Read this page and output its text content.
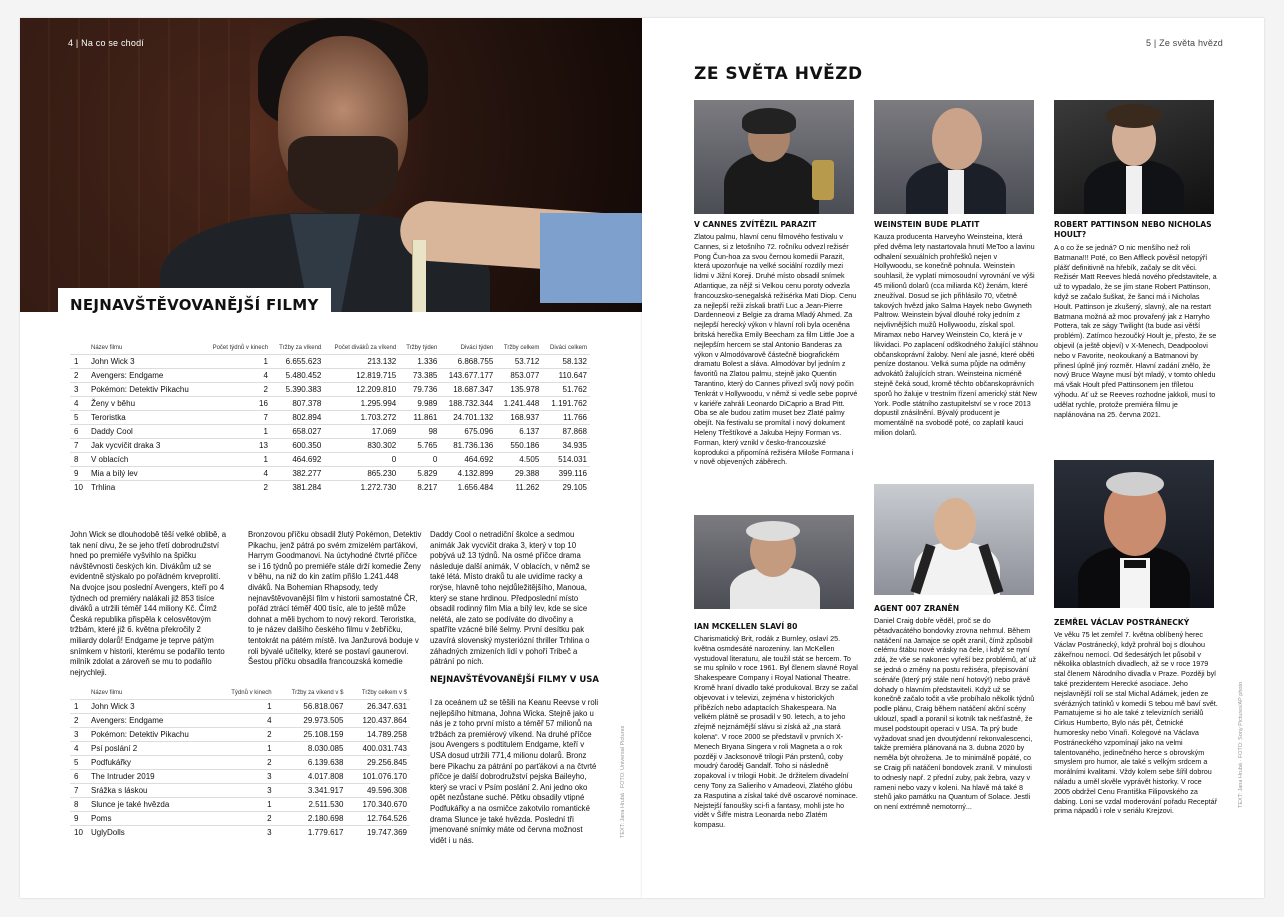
4 | Na co se chodí
NEJNAVŠTĚVOVANĚJŠÍ FILMY
	Název filmu	Počet týdnů v kinech	Tržby za víkend	Počet diváků za víkend	Tržby týden	Diváci týden	Tržby celkem	Diváci celkem
1	John Wick 3	1	6.655.623	213.132	1.336	6.868.755	53.712	58.132
2	Avengers: Endgame	4	5.480.452	12.819.715	73.385	143.677.177	853.077	110.647
3	Pokémon: Detektiv Pikachu	2	5.390.383	12.209.810	79.736	18.687.347	135.978	51.762
4	Ženy v běhu	16	807.378	1.295.994	9.989	188.732.344	1.241.448	1.191.762
5	Teroristka	7	802.894	1.703.272	11.861	24.701.132	168.937	11.766
6	Daddy Cool	1	658.027	17.069	98	675.096	6.137	87.868
7	Jak vycvičit draka 3	13	600.350	830.302	5.765	81.736.136	550.186	34.935
8	V oblacích	1	464.692	0	0	464.692	4.505	514.031
9	Mia a bílý lev	4	382.277	865.230	5.829	4.132.899	29.388	399.116
10	Trhlina	2	381.284	1.272.730	8.217	1.656.484	11.262	29.105
John Wick se dlouhodobě těší velké oblibě, a tak není divu, že se jeho třetí dobrodružství hned po premiéře vyšvihlo na špičku návštěvnosti českých kin. Divákům už se evidentně stýskalo po pořádném krveprolití. Na dvojce jsou poslední Avengers, kteří po 4 týdnech od premiéry nalákali již 853 tisíce diváků a utržili téměř 144 miliony Kč. Čímž Česká republika přispěla k celosvětovým tržbám, které již 6. května překročily 2 miliardy dolarů! Endgame je teprve pátým snímkem v historii, kterému se podařilo tento milník zdolat a zároveň se mu to podařilo nejrychleji.
Bronzovou příčku obsadil žlutý Pokémon, Detektiv Pikachu, jenž pátrá po svém zmizelém parťákovi, Harrym Goodmanovi. Na úctyhodné čtvrté příčce se i 16 týdnů po premiéře stále drží komedie Ženy v běhu, na niž do kin zatím přišlo 1.241.448 diváků. Na Bohemian Rhapsody, tedy nejnavštěvovanější film v historii samostatné ČR, pořád ztrácí téměř 400 tisíc, ale to ještě může dohnat a měli bychom to nový rekord. Teroristka, to je název dalšího českého filmu v žebříčku, tentokrát na pátém místě. Iva Janžurová boduje v roli bývalé učitelky, které se postaví gaunerovi. Šestou příčku obsadila francouzská komedie
Daddy Cool o netradiční školce a sedmou animák Jak vycvičit draka 3, který v top 10 pobývá už 13 týdnů. Na osmé příčce drama následuje další animák, V oblacích, v němž se také létá. Místo draků tu ale uvidíme racky a rorýse, hlavně toho nejdůležitějšího, Manoua, který se stane hrdinou. Předposlední místo obsadil rodinný film Mia a bílý lev, kde se sice nelétá, ale zato se podíváte do divočiny a spatříte vzácné bílé šelmy. První desítku pak uzavírá slovenský mysteriózní thriller Trhlina o záhadných zmizeních lidí v pohoří Tribeč a pátrání po nich.
	Název filmu	Týdnů v kinech	Tržby za víkend v $	Tržby celkem v $
1	John Wick 3	1	56.818.067	26.347.631
2	Avengers: Endgame	4	29.973.505	120.437.864
3	Pokémon: Detektiv Pikachu	2	25.108.159	14.789.258
4	Psí poslání 2	1	8.030.085	400.031.743
5	Podfukářky	2	6.139.638	29.256.845
6	The Intruder 2019	3	4.017.808	101.076.170
7	Srážka s láskou	3	3.341.917	49.596.308
8	Slunce je také hvězda	1	2.511.530	170.340.670
9	Poms	2	2.180.698	12.764.526
10	UglyDolls	3	1.779.617	19.747.369
NEJNAVŠTĚVOVANĚJŠÍ FILMY V USA
I za oceánem už se těšili na Keanu Reevse v roli nejlepšího hitmana, Johna Wicka. Stejně jako u nás je z toho první místo a téměř 57 milionů na tržbách za premiérový víkend. Na druhé příčce jsou Avengers s podtitulem Endgame, kteří v USA dosud utržili 771,4 milionu dolarů. Bronz bere Pikachu za pátrání po parťákovi a na čtvrté příčce je další dobrodružství pejska Baileyho, který se vrací v Psím poslání 2. Ani jedno oko opět nezůstane suché. Pětku obsadily vtipné Podfukářky a na osmičce zakotvilo romantické drama Slunce je také hvězda. Poslední tři jmenované snímky máte od června možnost vidět i u nás.
TEXT: Jana Hrubá · FOTO: Universal Pictures
5 | Ze světa hvězd
ZE SVĚTA HVĚZD
V CANNES ZVÍTĚZIL PARAZIT
Zlatou palmu, hlavní cenu filmového festivalu v Cannes, si z letošního 72. ročníku odvezl režisér Pong Čun-hoa za svou černou komedii Parazit, která upozorňuje na velké sociální rozdíly mezi lidmi v Jižní Koreji. Druhé místo obsadil snímek Atlantique, za nějž si Velkou cenu poroty odvezla francouzsko-senegalská režisérka Mati Diop. Cenu za nejlepší režii získali bratři Luc a Jean-Pierre Dardenneovi z Belgie za drama Mladý Ahmed. Za nejlepší herecký výkon v hlavní roli byla oceněna britská herečka Emily Beecham za film Little Joe a nejlepším hercem se stal Antonio Banderas za výkon v Almodóvarově částečně biografickém dramatu Bolest a sláva. Almodóvar byl jedním z favoritů na Zlatou palmu, stejně jako Quentin Tarantino, který do Cannes přivezl svůj nový počin Tenkrát v Hollywoodu, v němž si vedle sebe poprvé v kariéře zahráli Leonardo DiCaprio a Brad Pitt. Oba se ale budou zatím muset bez Zlaté palmy obejít. Na festivalu se promítal i nový dokument Heleny Třeštíkové a Jakuba Hejny Forman vs. Forman, který vznikl v česko-francouzské koprodukci a připomíná režiséra Miloše Formana i v nově objevených záběrech.
WEINSTEIN BUDE PLATIT
Kauza producenta Harveyho Weinsteina, která před dvěma lety nastartovala hnutí MeToo a lavinu odhalení sexuálních prohřešků nejen v Hollywoodu, se konečně pohnula. Weinstein souhlasil, že vyplatí mimosoudní vyrovnání ve výši 45 milionů dolarů (cca miliarda Kč) ženám, které zneužíval. Dosud se jich přihlásilo 70, včetně takových hvězd jako Salma Hayek nebo Gwyneth Paltrow. Weinstein býval dlouhé roky jedním z nejvlivnějších mužů Hollywoodu, získal spol. Miramax nebo Harvey Weinstein Co, která je v likvidaci. Po zaplacení odškodného žalující stáhnou občanskoprávní žaloby. Není ale jasné, které oběti peníze dostanou. Velká suma půjde na odměny advokátů žalujících stran. Weinsteina nicméně stejně čeká soud, kromě těchto občanskoprávních sporů ho žaluje v trestním řízení americký stát New York. Podle státního zastupitelství se v roce 2013 dopustil znásilnění. Bývalý producent je momentálně na svobodě poté, co zaplatil kauci milion dolarů.
ROBERT PATTINSON NEBO NICHOLAS HOULT?
A o co že se jedná? O nic menšího než roli Batmana!!! Poté, co Ben Affleck pověsil netopýří plášť definitivně na hřebík, začaly se dít věci. Režisér Matt Reeves hledá nového představitele, a už to vypadalo, že se jím stane Robert Pattinson, když se začalo šuškat, že šanci má i Nicholas Hoult. Pattinson je zkušený, slavný, ale na restart Batmana možná až moc provařený jak z Harryho Pottera, tak ze ságy Twilight (ta bude asi větší problém). Zatímco hezoučký Hoult je, přesto, že se objevil (a ještě objeví) v X-Menech, Deadpoolovi nebo v Favorite, neokoukaný a Batmanovi by přinesl úplně jiný rozměr. Hlavní zadání znělo, že nový Bruce Wayne musí být mladý, v tomto ohledu má však Hoult před Pattinsonem jen tříletou výhodu. Ať už se Reeves rozhodne jakkoli, musí to udělat rychle, protože premiéra filmu je naplánována na 25. června 2021.
IAN MCKELLEN SLAVÍ 80
Charismatický Brit, rodák z Burnley, oslaví 25. května osmdesáté narozeniny. Ian McKellen vystudoval literaturu, ale toužil stát se hercem. To se mu splnilo v roce 1961. Byl členem slavné Royal Shakespeare Company i Royal National Theatre. Kromě hraní divadlo také produkoval. Brzy se začal objevovat i v televizi, zejména v historických příbězích nebo adaptacích Shakespeara. Na velkém plátně se prosadil v 90. letech, a to jeho zřejmě nejznámější slávu si získá až „na stará kolena“. V roce 2000 se představil v prvních X-Menech Bryana Singera v roli Magneta a o rok později v Jacksonově trilogii Pán prstenů, coby moudrý čaroděj Gandalf. Toho si následně zopakoval i v trilogii Hobit. Je držitelem divadelní ceny Tony za Salieriho v Amadeovi, Zlatého glóbu za Rasputina a získal také dvě oscarové nominace. Nejstejší fanoušky sci-fi a fantasy, mohli jste ho vidět v Šifře mistra Leonarda nebo Zlatém kompasu.
AGENT 007 ZRANĚN
Daniel Craig dobře věděl, proč se do pětadvacátého bondovky zrovna nehrnul. Během natáčení na Jamajce se opět zranil, čímž způsobil celému štábu nové vrásky na čele, i když se nyní zdá, že vše se nakonec vyřeší bez problémů, ať už se jedná o změny na postu režiséra, přepisování scénáře (který prý stále není hotový!) nebo právě dohady o hlavním představiteli. Když už se konečně začalo točit a vše probíhalo několik týdnů podle plánu, Craig během natáčení akční scény uklouzl, spadl a poranil si kotník tak nešťastně, že musel podstoupit operaci v USA. Ta prý bude vyžadovat snad jen dvoutýdenní rekonvalescenci, takže premiéra plánovaná na 3. dubna 2020 by neměla být ohrožena. Je to minimálně popáté, co se Craig při natáčení bondovek zranil. V minulosti to odnesly např. 2 přední zuby, pak žebra, vazy v rameni nebo vazy v koleni. Na hlavě má také 8 stehů jako památku na Quantum of Solace. Jestli on není extrémně nemotorný...
ZEMŘEL VÁCLAV POSTRÁNECKÝ
Ve věku 75 let zemřel 7. května oblíbený herec Václav Postránecký, když prohrál boj s dlouhou zákeřnou nemocí. Od šedesátých let působil v několika oblastních divadlech, až se v roce 1979 stal členem Národního divadla v Praze. Později byl také prezidentem Herecké asociace. Jeho nejslavnější rolí se stal Michal Adámek, jeden ze svérázných tatínků v komedii S tebou mě baví svět. Pamatujeme si ho ale také z televizních seriálů Cirkus Humberto, Bylo nás pět, Četnické humoresky nebo Vinaři. Kolegové na Václava Postráneckého vzpomínají jako na velmi talentovaného, jedinečného herce s obrovským smyslem pro humor, ale také s velkým srdcem a morálními kvalitami. Vždy kolem sebe šířil dobrou náladu a uměl skvěle vyprávět historky. V roce 2005 obdržel Cenu Františka Filipovského za dabing. Loni se vzdal moderování pořadu Receptář prima nápadů i role v seriálu Krejzovi.
TEXT: Jana Hrubá · FOTO: Sony Pictures/AP photo
